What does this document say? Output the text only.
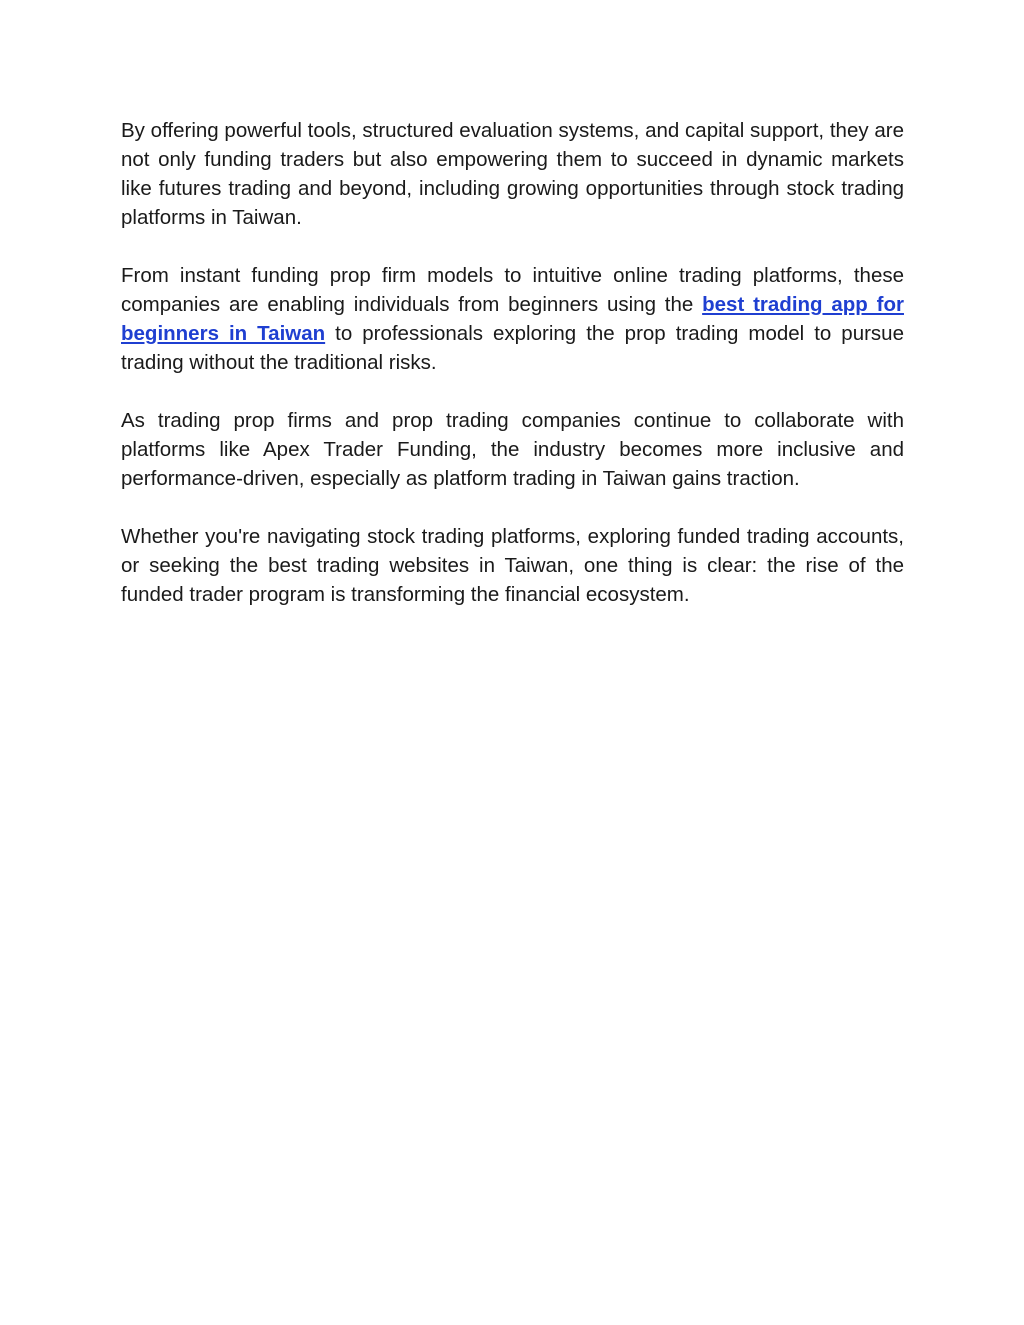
By offering powerful tools, structured evaluation systems, and capital support, they are not only funding traders but also empowering them to succeed in dynamic markets like futures trading and beyond, including growing opportunities through stock trading platforms in Taiwan.

From instant funding prop firm models to intuitive online trading platforms, these companies are enabling individuals from beginners using the best trading app for beginners in Taiwan to professionals exploring the prop trading model to pursue trading without the traditional risks.

As trading prop firms and prop trading companies continue to collaborate with platforms like Apex Trader Funding, the industry becomes more inclusive and performance-driven, especially as platform trading in Taiwan gains traction.

Whether you're navigating stock trading platforms, exploring funded trading accounts, or seeking the best trading websites in Taiwan, one thing is clear: the rise of the funded trader program is transforming the financial ecosystem.
